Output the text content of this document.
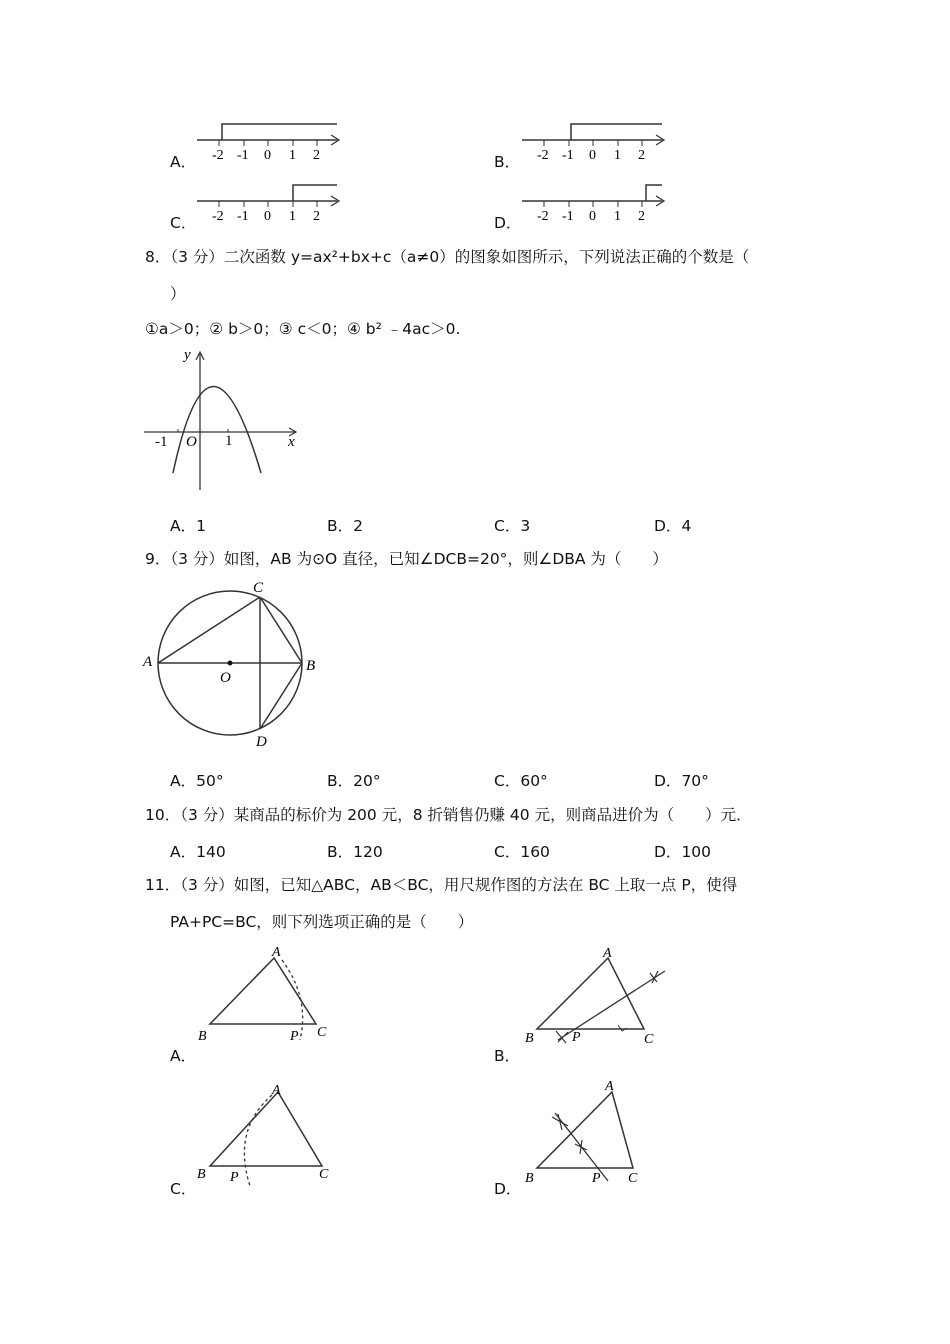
A． -2 -1 0 1 2	B． -2 -1 0 1 2
C． -2 -1 0 1 2	D． -2 -1 0 1 2
8．（3 分）二次函数 y=ax²+bx+c（a≠0）的图象如图所示，下列说法正确的个数是（
）
①a＞0；② b＞0；③ c＜0；④ b² ﹣4ac＞0.
y
x
O
-1	1
A．1	B．2	C．3	D．4
9．（3 分）如图，AB 为⊙O 直径，已知∠DCB=20°，则∠DBA 为（　　）
A	B
C
D
O
A．50°	B．20°	C．60°	D．70°
10．（3 分）某商品的标价为 200 元，8 折销售仍赚 40 元，则商品进价为（　　）元．
A．140	B．120	C．160	D．100
11．（3 分）如图，已知△ABC，AB＜BC，用尺规作图的方法在 BC 上取一点 P，使得
PA+PC=BC，则下列选项正确的是（　　）
A．
A
B	C
P
B．
A
B	C
P
C．
A
B	C
P
D．
A
B	C
P
